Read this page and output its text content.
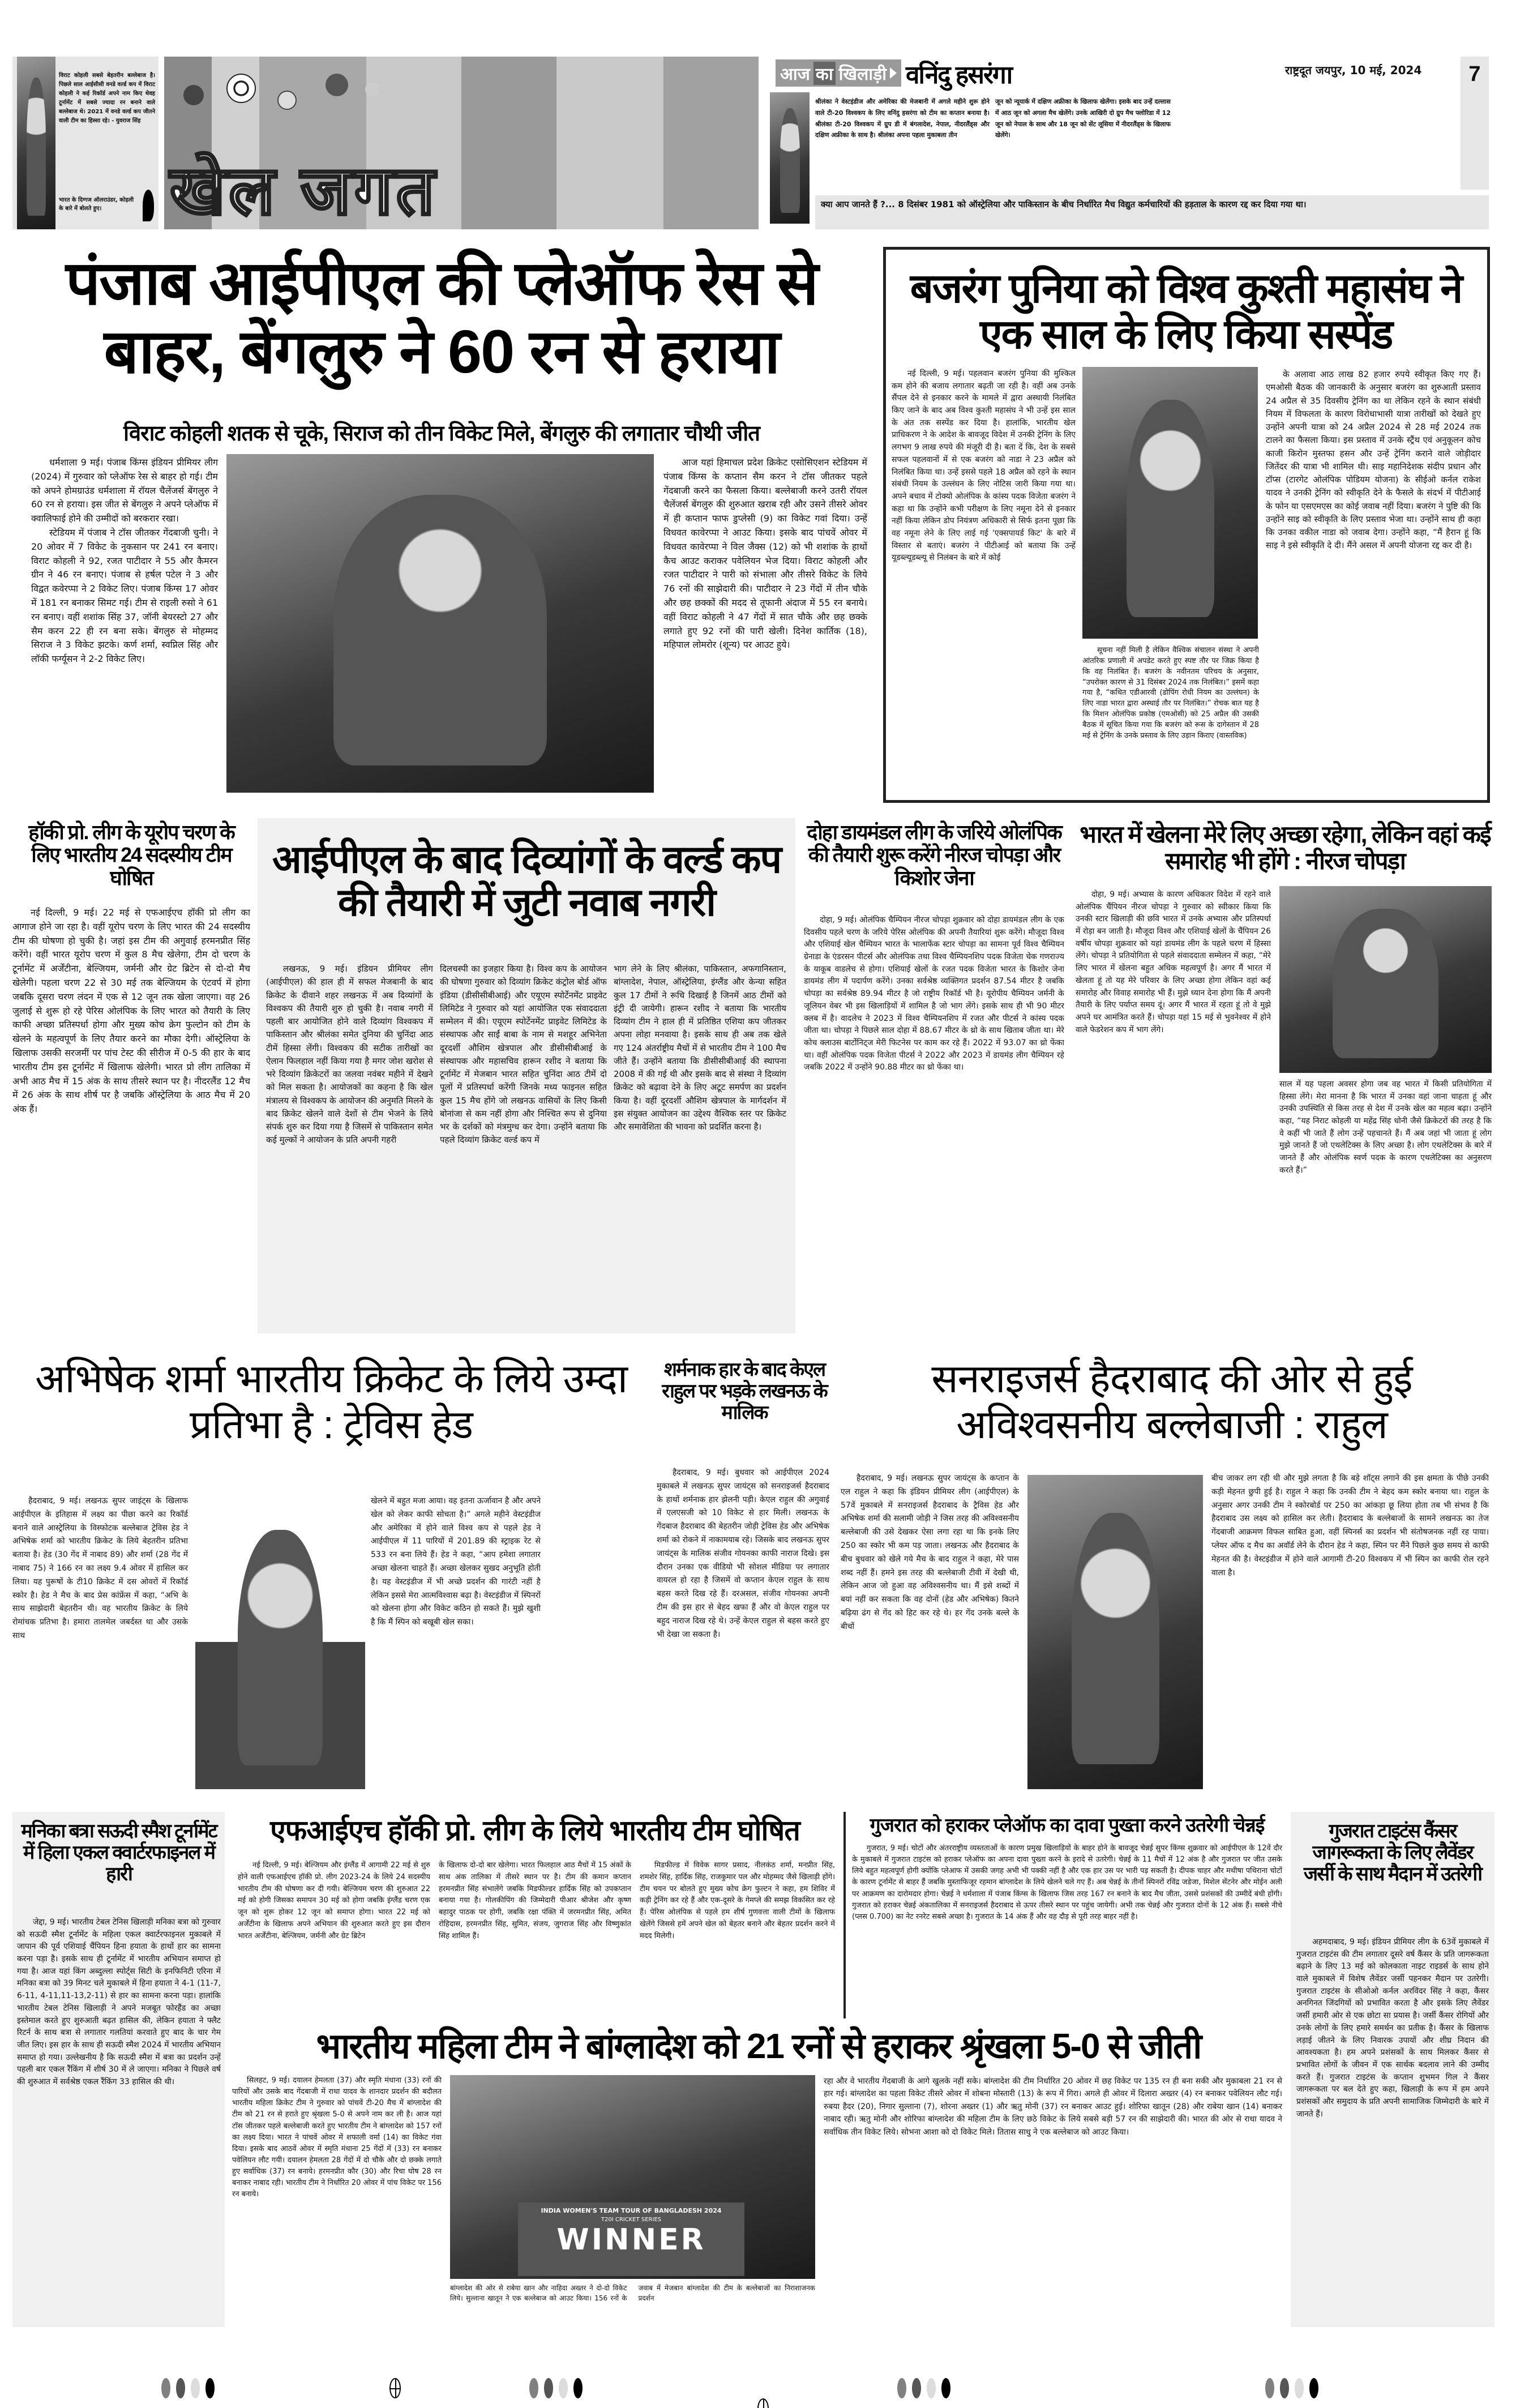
विराट कोहली सबसे बेहतरीन बल्लेबाज है। पिछले साल आईसीसी वनडे वर्ल्ड कप में विराट कोहली ने कई रिकॉर्ड अपने नाम किए थेवह टूर्नामेंट में सबसे ज्यादा रन बनाने वाले बल्लेबाज थे। 2021 में वनडे वर्ल्ड कप जीतने वाली टीम का हिस्सा रहे। - युवराज सिंह
भारत के दिग्गज ऑलराउंडर, कोहली के बारे में बोलते हुए।	खेल जगत
आज का खिलाड़ी वनिंदु हसरंगा
श्रीलंका ने वेस्टइंडीज और अमेरिका की मेजबानी में अगले महीने शुरू होने वाले टी-20 विश्वकप के लिए वनिंदु हसरंगा को टीम का कप्तान बनाया है। श्रीलंका टी-20 विश्वकप में ग्रुप डी में बंगलादेश, नेपाल, नीदरलैंड्स और दक्षिण अफ्रीका के साथ है। श्रीलंका अपना पहला मुकाबला तीन
जून को न्यूयार्क में दक्षिण अफ्रीका के खिलाफ खेलेंगा। इसके बाद उन्हें दल्लास में आठ जून को अगला मैच खेलेंगे। उनके आखिरी दो ग्रुप मैच फ्लोरिडा में 12 जून को नेपाल के साथ और 18 जून को सेंट लूसिया में नीदरलैंड्स के खिलाफ खेलेंगे।
राष्ट्रदूत जयपुर, 10 मई, 2024	7
क्या आप जानते हैं ?... 8 दिसंबर 1981 को ऑस्ट्रेलिया और पाकिस्तान के बीच निर्धारित मैच विद्युत कर्मचारियों की हड़ताल के कारण रद्द कर दिया गया था।
पंजाब आईपीएल की प्लेऑफ रेस से बाहर, बेंगलुरु ने 60 रन से हराया
विराट कोहली शतक से चूके, सिराज को तीन विकेट मिले, बेंगलुरु की लगातार चौथी जीत

धर्मशाला 9 मई। पंजाब किंग्स इंडियन प्रीमियर लीग (2024) में गुरुवार को प्लेऑफ रेस से बाहर हो गई। टीम को अपने होमग्राउंड धर्मशाला में रॉयल चैलेंजर्स बेंगलुरु ने 60 रन से हराया। इस जीत से बेंगलुरु ने अपने प्लेऑफ में क्वालिफाई होने की उम्मीदों को बरकरार रखा।

स्टेडियम में पंजाब ने टॉस जीतकर गेंदबाजी चुनी। ने 20 ओवर में 7 विकेट के नुकसान पर 241 रन बनाए। विराट कोहली ने 92, रजत पाटीदार ने 55 और कैमरन ग्रीन ने 46 रन बनाए। पंजाब से हर्षल पटेल ने 3 और विद्वत कवेरप्पा ने 2 विकेट लिए। पंजाब किंग्स 17 ओवर में 181 रन बनाकर सिमट गई। टीम से राइली रुसो ने 61 रन बनाए। वहीं शशांक सिंह 37, जॉनी बेयरस्टो 27 और सैम करन 22 ही रन बना सके। बेंगलुरु से मोहम्मद सिराज ने 3 विकेट झटके। कर्ण शर्मा, स्वप्निल सिंह और लॉकी फर्ग्यूसन ने 2-2 विकेट लिए।

आज यहां हिमाचल प्रदेश क्रिकेट एसोसिएशन स्टेडियम में पंजाब किंग्स के कप्तान सैम करन ने टॉस जीतकर पहले गेंदबाजी करने का फैसला किया। बल्लेबाजी करने उतरी रॉयल चैलेंजर्स बेंगलुरु की शुरुआत खराब रही और उसने तीसरे ओवर में ही कप्तान फाफ डुप्लेसी (9) का विकेट गवां दिया। उन्हें विधवत कावेरप्पा ने आउट किया। इसके बाद पांचवें ओवर में विधवत कावेरप्पा ने विल जैक्स (12) को भी शशांक के हाथों कैच आउट कराकर पवेलियन भेज दिया। विराट कोहली और रजत पाटीदार ने पारी को संभाला और तीसरे विकेट के लिये 76 रनों की साझेदारी की। पाटीदार ने 23 गेंदों में तीन चौके और छह छक्कों की मदद से तूफानी अंदाज में 55 रन बनाये। वहीं विराट कोहली ने 47 गेंदों में सात चौके और छह छक्के लगाते हुए 92 रनों की पारी खेली। दिनेश कार्तिक (18), महिपाल लोमरोर (शून्य) पर आउट हुये।

बजरंग पुनिया को विश्व कुश्ती महासंघ ने एक साल के लिए किया सस्पेंड

नई दिल्ली, 9 मई। पहलवान बजरंग पुनिया की मुश्किल कम होने की बजाय लगातार बढ़ती जा रही है। वहीं अब उनके सैंपल देने से इनकार करने के मामले में द्वारा अस्थायी निलंबित किए जाने के बाद अब विश्व कुश्ती महासंघ ने भी उन्हें इस साल के अंत तक सस्पेंड कर दिया है। हालांकि, भारतीय खेल प्राधिकरण ने के आदेश के बावजूद विदेश में उनकी ट्रेनिंग के लिए लगभग 9 लाख रुपये की मंजूरी दी है। बता दें कि, देश के सबसे सफल पहलवानों में से एक बजरंग को नाडा ने 23 अप्रैल को निलंबित किया था। उन्हें इससे पहले 18 अप्रैल को रहने के स्थान संबंधी नियम के उल्लंघन के लिए नोटिस जारी किया गया था। अपने बचाव में टोक्यो ओलंपिक के कांस्य पदक विजेता बजरंग ने कहा था कि उन्होंने कभी परीक्षण के लिए नमूना देने से इनकार नहीं किया लेकिन डोप नियंत्रण अधिकारी से सिर्फ इतना पूछा कि वह नमूना लेने के लिए लाई गई 'एक्सपायर्ड किट' के बारे में विस्तार से बताएं। बजरंग ने पीटीआई को बताया कि उन्हें यूडब्ल्यूडब्ल्यू से निलंबन के बारे में कोई

सूचना नहीं मिली है लेकिन वैश्विक संचालन संस्था ने अपनी आंतरिक प्रणाली में अपडेट करते हुए स्पष्ट तौर पर जिक्र किया है कि वह निलंबित हैं। बजरंग के नवीनतम परिचय के अनुसार, “उपरोक्त कारण से 31 दिसंबर 2024 तक निलंबित।” इसमें कहा गया है, “कथित एडीआरवी (डोपिंग रोधी नियम का उल्लंघन) के लिए नाडा भारत द्वारा अस्थाई तौर पर निलंबित।” रोचक बात यह है कि मिशन ओलंपिक प्रकोष्ठ (एमओसी) को 25 अप्रैल की उसकी बैठक में सूचित किया गया कि बजरंग को रूस के दागेस्तान में 28 मई से ट्रेनिंग के उनके प्रस्ताव के लिए उड़ान किराए (वास्तविक)

के अलावा आठ लाख 82 हजार रुपये स्वीकृत किए गए हैं। एमओसी बैठक की जानकारी के अनुसार बजरंग का शुरुआती प्रस्ताव 24 अप्रैल से 35 दिवसीय ट्रेनिंग का था लेकिन रहने के स्थान संबंधी नियम में विफलता के कारण विरोधाभासी यात्रा तारीखों को देखते हुए उन्होंने अपनी यात्रा को 24 अप्रैल 2024 से 28 मई 2024 तक टालने का फैसला किया। इस प्रस्ताव में उनके स्ट्रैंथ एवं अनुकूलन कोच काजी किरोन मुस्तफा हसन और उन्हें ट्रेनिंग कराने वाले जोड़ीदार जितेंदर की यात्रा भी शामिल थी। साइ महानिदेशक संदीप प्रधान और टॉप्स (टारगेट ओलंपिक पोडियम योजना) के सीईओ कर्नल राकेश यादव ने उनकी ट्रेनिंग को स्वीकृति देने के फैसले के संदर्भ में पीटीआई के फोन या एसएमएस का कोई जवाब नहीं दिया। बजरंग ने पुष्टि की कि उन्होंने साइ को स्वीकृति के लिए प्रस्ताव भेजा था। उन्होंने साथ ही कहा कि उनका वकील नाडा को जवाब देगा। उन्होंने कहा, “मैं हैरान हूं कि साइ ने इसे स्वीकृति दे दी। मैंने असल में अपनी योजना रद्द कर दी है।

हॉकी प्रो. लीग के यूरोप चरण के लिए भारतीय 24 सदस्यीय टीम घोषित

नई दिल्ली, 9 मई। 22 मई से एफआईएच हॉकी प्रो लीग का आगाज होने जा रहा है। वहीं यूरोप चरण के लिए भारत की 24 सदस्यीय टीम की घोषणा हो चुकी है। जहां इस टीम की अगुवाई हरमनप्रीत सिंह करेंगे। वहीं भारत यूरोप चरण में कुल 8 मैच खेलेगा, टीम दो चरण के टूर्नामेंट में अर्जेंटीना, बेल्जियम, जर्मनी और ग्रेट ब्रिटेन से दो-दो मैच खेलेगी। पहला चरण 22 से 30 मई तक बेल्जियम के एंटवर्प में होगा जबकि दूसरा चरण लंदन में एक से 12 जून तक खेला जाएगा। वह 26 जुलाई से शुरू हो रहे पेरिस ओलंपिक के लिए भारत को तैयारी के लिए काफी अच्छा प्रतिस्पर्धा होगा और मुख्य कोच क्रेग फुल्टोन को टीम के खेलने के महत्वपूर्ण के लिए तैयार करने का मौका देगी। ऑस्ट्रेलिया के खिलाफ उसकी सरजमीं पर पांच टेस्ट की सीरीज में 0-5 की हार के बाद भारतीय टीम इस टूर्नामेंट में खिलाफ खेलेगी। भारत प्रो लीग तालिका में अभी आठ मैच में 15 अंक के साथ तीसरे स्थान पर है। नीदरलैंड 12 मैच में 26 अंक के साथ शीर्ष पर है जबकि ऑस्ट्रेलिया के आठ मैच में 20 अंक हैं।

आईपीएल के बाद दिव्यांगों के वर्ल्ड कप की तैयारी में जुटी नवाब नगरी

लखनऊ, 9 मई। इंडियन प्रीमियर लीग (आईपीएल) की हाल ही में सफल मेजबानी के बाद क्रिकेट के दीवाने शहर लखनऊ में अब दिव्यांगों के विश्वकप की तैयारी शुरु हो चुकी है। नवाब नगरी में पहली बार आयोजित होने वाले दिव्यांग विश्वकप में पाकिस्तान और श्रीलंका समेत दुनिया की चुनिंदा आठ टीमें हिस्सा लेंगी। विश्वकप की सटीक तारीखों का ऐलान फिलहाल नहीं किया गया है मगर जोश खरोश से भरे दिव्यांग क्रिकेटरों का जलवा नवंबर महीने में देखने को मिल सकता है। आयोजकों का कहना है कि खेल मंत्रालय से विश्वकप के आयोजन की अनुमति मिलने के बाद क्रिकेट खेलने वाले देशों से टीम भेजने के लिये संपर्क शुरु कर दिया गया है जिसमें से पाकिस्तान समेत कई मुल्कों ने आयोजन के प्रति अपनी गहरी

दिलचस्पी का इजहार किया है। विश्व कप के आयोजन की घोषणा गुरुवार को दिव्यांग क्रिकेट कंट्रोल बोर्ड ऑफ इंडिया (डीसीसीबीआई) और एयूएम स्पोर्टेनमेंट प्राइवेट लिमिटेड ने गुरुवार को यहां आयोजित एक संवाददाता सम्मेलन में की। एयूएम स्पोर्टेनमेंट प्राइवेट लिमिटेड के संस्थापक और साईं बाबा के नाम से मशहूर अभिनेता दूरदर्शी औशिम खेत्रपाल और डीसीसीबीआई के संस्थापक और महासचिव हारून रशीद ने बताया कि टूर्नामेंट में मेजबान भारत सहित चुनिंदा आठ टीमें दो पूलों में प्रतिस्पर्धा करेंगी जिनके मध्य फाइनल सहित कुल 15 मैच होंगे जो लखनऊ वासियों के लिए किसी बोनांजा से कम नहीं होगा और निश्चित रूप से दुनिया भर के दर्शकों को मंत्रमुग्ध कर देगा। उन्होंने बताया कि पहले दिव्यांग क्रिकेट वर्ल्ड कप में

भाग लेने के लिए श्रीलंका, पाकिस्तान, अफगानिस्तान, बांग्लादेश, नेपाल, ऑस्ट्रेलिया, इंग्लैंड और केन्या सहित कुल 17 टीमों ने रूचि दिखाई है जिनमें आठ टीमों को इंट्री दी जायेगी। हारून रशीद ने बताया कि भारतीय दिव्यांग टीम ने हाल ही में प्रतिष्ठित एशिया कप जीतकर अपना लोहा मनवाया है। इसके साथ ही अब तक खेले गए 124 अंतर्राष्ट्रीय मैचों में से भारतीय टीम ने 100 मैच जीते हैं। उन्होंने बताया कि डीसीसीबीआई की स्थापना 2008 में की गई थी और इसके बाद से संस्था ने दिव्यांग क्रिकेट को बढ़ावा देने के लिए अटूट समर्पण का प्रदर्शन किया है। वहीं दूरदर्शी औशिम खेत्रपाल के मार्गदर्शन में इस संयुक्त आयोजन का उद्देश्य वैश्विक स्तर पर क्रिकेट और समावेशिता की भावना को प्रदर्शित करना है।

दोहा डायमंडल लीग के जरिये ओलंपिक की तैयारी शुरू करेंगे नीरज चोपड़ा और किशोर जेना

दोहा, 9 मई। ओलंपिक चैम्पियन नीरज चोपड़ा शुक्रवार को दोहा डायमंडल लीग के एक दिवसीय पहले चरण के जरिये पेरिस ओलंपिक की अपनी तैयारियां शुरू करेंगे। मौजूदा विश्व और एशियाई खेल चैम्पियन भारत के भालाफेंक स्टार चोपड़ा का सामना पूर्व विश्व चैम्पियन ग्रेनाडा के एंडरसन पीटर्स और ओलंपिक तथा विश्व चैम्पियनशिप पदक विजेता चेक गणराज्य के याकूब वाडलेच से होगा। एशियाई खेलों के रजत पदक विजेता भारत के किशोर जेना डायमंड लीग में पदार्पण करेंगे। उनका सर्वश्रेष्ठ व्यक्तिगत प्रदर्शन 87.54 मीटर है जबकि चोपड़ा का सर्वश्रेष्ठ 89.94 मीटर है जो राष्ट्रीय रिकॉर्ड भी है। यूरोपीय चैम्पियन जर्मनी के जूलियन वेबर भी इस खिलाड़ियों में शामिल है जो भाग लेंगे। इसके साथ ही भी 90 मीटर क्लब में है। वादलेच ने 2023 में विश्व चैम्पियनशिप में रजत और पीटर्स ने कांस्य पदक जीता था। चोपड़ा ने पिछले साल दोहा में 88.67 मीटर के थ्रो के साथ खिताब जीता था। मेरे कोच क्लाउस बार्टोनिट्ज मेरी फिटनेस पर काम कर रहे हैं। 2022 में 93.07 का थ्रो फेंका था। वहीं ओलंपिक पदक विजेता पीटर्स ने 2022 और 2023 में डायमंड लीग चैम्पियन रहे जबकि 2022 में उन्होंने 90.88 मीटर का थ्रो फेंका था।

भारत में खेलना मेरे लिए अच्छा रहेगा, लेकिन वहां कई समारोह भी होंगे : नीरज चोपड़ा

दोहा, 9 मई। अभ्यास के कारण अधिकतर विदेश में रहने वाले ओलंपिक चैंपियन नीरज चोपड़ा ने गुरुवार को स्वीकार किया कि उनकी स्टार खिलाड़ी की छवि भारत में उनके अभ्यास और प्रतिस्पर्धा में रोड़ा बन जाती है। मौजूदा विश्व और एशियाई खेलों के चैंपियन 26 वर्षीय चोपड़ा शुक्रवार को यहां डायमंड लीग के पहले चरण में हिस्सा लेंगे। चोपड़ा ने प्रतियोगिता से पहले संवाददाता सम्मेलन में कहा, “मेरे लिए भारत में खेलना बहुत अधिक महत्वपूर्ण है। अगर मैं भारत में खेलता हूं तो यह मेरे परिवार के लिए अच्छा होगा लेकिन वहां कई समारोह और विवाह समारोह भी हैं। मुझे ध्यान देना होगा कि मैं अपनी तैयारी के लिए पर्याप्त समय दूं। अगर मैं भारत में रहता हूं तो वे मुझे अपने घर आमंत्रित करते हैं। चोपड़ा यहां 15 मई से भुवनेश्वर में होने वाले फेडरेशन कप में भाग लेंगे।

साल में यह पहला अवसर होगा जब वह भारत में किसी प्रतियोगिता में हिस्सा लेंगे। मेरा मानना है कि भारत में उनका वहां जाना चाहता हूं और उनकी उपस्थिति से किस तरह से देश में उनके खेल का महत्व बढ़ा। उन्होंने कहा, “यह निराट कोहली या महेंद्र सिंह धोनी जैसे क्रिकेटरों की तरह है कि वे कहीं भी जाते हैं लोग उन्हें पहचानते हैं। मैं अब जहां भी जाता हूं लोग मुझे जानते हैं जो एथलेटिक्स के लिए अच्छा है। लोग एथलेटिक्स के बारे में जानते हैं और ओलंपिक स्वर्ण पदक के कारण एथलेटिक्स का अनुसरण करते हैं।”

अभिषेक शर्मा भारतीय क्रिकेट के लिये उम्दा प्रतिभा है : ट्रेविस हेड

हैदराबाद, 9 मई। लखनऊ सुपर जाइंट्स के खिलाफ आईपीएल के इतिहास में लक्ष्य का पीछा करने का रिकॉर्ड बनाने वाले आस्ट्रेलिया के विस्फोटक बल्लेबाज ट्रेविस हेड ने अभिषेक शर्मा को भारतीय क्रिकेट के लिये बेहतरीन प्रतिभा बताया है। हेड (30 गेंद में नाबाद 89) और शर्मा (28 गेंद में नाबाद 75) ने 166 रन का लक्ष्य 9.4 ओवर में हासिल कर लिया। यह पुरूषों के टी10 क्रिकेट में दस ओवरों में रिकॉर्ड स्कोर है। हेड ने मैच के बाद प्रेस कांफ्रेंस में कहा, “अभि के साथ साझेदारी बेहतरीन थी। वह भारतीय क्रिकेट के लिये रोमांचक प्रतिभा है। हमारा तालमेल जबर्दस्त था और उसके साथ

खेलने में बहुत मजा आया। वह इतना ऊर्जावान है और अपने खेल को लेकर काफी सोचता है।” अगले महीने वेस्टइंडीज और अमेरिका में होने वाले विश्व कप से पहले हेड ने आईपीएल में 11 पारियों में 201.89 की स्ट्राइक रेट से 533 रन बना लिये हैं। हेड ने कहा, “आप हमेशा लगातार अच्छा खेलना चाहते हैं। अच्छा खेलकर सुखद अनुभूति होती है। यह वेस्टइंडीज में भी अच्छे प्रदर्शन की गारंटी नहीं है लेकिन इससे मेरा आत्मविश्वास बढ़ा है। वेस्टइंडीज में स्पिनरों को खेलना होगा और विकेट कठिन हो सकते हैं। मुझे खुशी है कि मैं स्पिन को बखूबी खेल सका।

शर्मनाक हार के बाद केएल राहुल पर भड़के लखनऊ के मालिक

हैदराबाद, 9 मई। बुधवार को आईपीएल 2024 मुकाबले में लखनऊ सुपर जायंट्स को सनराइजर्स हैदराबाद के हाथों शर्मनाक हार झेलनी पड़ी। केएल राहुल की अगुवाई में एलएसजी को 10 विकेट से हार मिली। लखनऊ के गेंदबाज हैदराबाद की बेहतरीन जोड़ी ट्रेविस हेड और अभिषेक शर्मा को रोकने में नाकामयाब रहे। जिसके बाद लखनऊ सुपर जायंट्स के मालिक संजीव गोयनका काफी नाराज दिखे। इस दौरान उनका एक वीडियो भी सोशल मीडिया पर लगातार वायरल हो रहा है जिसमें वो कप्तान केएल राहुल के साथ बहस करते दिख रहे हैं। दरअसल, संजीव गोयनका अपनी टीम की इस हार से बेहद खफा हैं और वो केएल राहुल पर बहुद नाराज दिख रहे थे। उन्हें केएल राहुल से बहस करते हुए भी देखा जा सकता है।

सनराइजर्स हैदराबाद की ओर से हुई अविश्वसनीय बल्लेबाजी : राहुल

हैदराबाद, 9 मई। लखनऊ सुपर जायंट्स के कप्तान के एल राहुल ने कहा कि इंडियन प्रीमियर लीग (आईपीएल) के 57वें मुकाबले में सनराइजर्स हैदराबाद के ट्रैविस हेड और अभिषेक शर्मा की सलामी जोड़ी ने जिस तरह की अविश्वसनीय बल्लेबाजी की उसे देखकर ऐसा लगा रहा था कि इनके लिए 250 का स्कोर भी कम पड़ जाता। लखनऊ और हैदराबाद के बीच बुधवार को खेले गये मैच के बाद राहुल ने कहा, मेरे पास शब्द नहीं हैं। हमने इस तरह की बल्लेबाजी टीवी में देखी थी, लेकिन आज जो हुआ वह अविश्वसनीय था। मैं इसे शब्दों में बयां नहीं कर सकता कि वह दोनों (हेड और अभिषेक) कितने बढ़िया ढंग से गेंद को हिट कर रहे थे। हर गेंद उनके बल्ले के बीचों

बीच जाकर लग रही थी और मुझे लगता है कि बड़े शॉट्स लगाने की इस क्षमता के पीछे उनकी कड़ी मेहनत छुपी हुई है। राहुल ने कहा कि उनकी टीम ने बेहद कम स्कोर बनाया था। राहुल के अनुसार अगर उनकी टीम ने स्कोरबोर्ड पर 250 का आंकड़ा छू लिया होता तब भी संभव है कि हैदराबाद उस लक्ष्य को हासिल कर लेती। हैदराबाद के बल्लेबाजों के सामने लखनऊ का तेज गेंदबाजी आक्रमण विफल साबित हुआ, वहीं स्पिनर्स का प्रदर्शन भी संतोषजनक नहीं रह पाया। प्लेयर ऑफ द मैच का अवॉर्ड लेने के दौरान हेड ने कहा, स्पिन पर मैंने पिछले कुछ समय से काफी मेहनत की है। वेस्टइंडीज में होने वाले आगामी टी-20 विश्वकप में भी स्पिन का काफी रोल रहने वाला है।

मनिका बत्रा सऊदी स्मैश टूर्नामेंट में हिला एकल क्वार्टरफाइनल में हारी

जेद्दा, 9 मई। भारतीय टेबल टेनिस खिलाड़ी मनिका बत्रा को गुरुवार को सऊदी स्मैश टूर्नामेंट के महिला एकल क्वार्टरफाइनल मुकाबले में जापान की पूर्व एशियाई चैंपियन हिना हयाता के हाथों हार का सामना करना पड़ा है। इसके साथ ही टूर्नामेंट में भारतीय अभियान समाप्त हो गया है। आज यहां किंग अब्दुल्ला स्पोर्ट्स सिटी के इनफिनिटी एरिना में मनिका बत्रा को 39 मिनट चले मुकाबले में हिना हयाता ने 4-1 (11-7, 6-11, 4-11,11-13,2-11) से हार का सामना करना पड़ा। हालांकि भारतीय टेबल टेनिस खिलाड़ी ने अपने मजबूत फोरहैंड का अच्छा इस्तेमाल करते हुए शुरुआती बढ़त हासिल की, लेकिन हयाता ने फ्लैट रिटर्न के साथ बत्रा से लगातार गलतियां करवाते हुए बाद के चार गेम जीत लिए। इस हार के साथ ही सऊदी स्मैश 2024 में भारतीय अभियान समाप्त हो गया। उल्लेखनीय है कि सऊदी स्मैश में बत्रा का प्रदर्शन उन्हें पहली बार एकल रैंकिंग में शीर्ष 30 में ले जाएगा। मनिका ने पिछले वर्ष की शुरुआत में सर्वश्रेष्ठ एकल रैंकिंग 33 हासिल की थी।

एफआईएच हॉकी प्रो. लीग के लिये भारतीय टीम घोषित

नई दिल्ली, 9 मई। बेल्जियम और इंग्लैंड में आगामी 22 मई से शुरु होने वाली एफआईएच हॉकी प्रो. लीग 2023-24 के लिये 24 सदस्यीय भारतीय टीम की घोषणा कर दी गयी। बेल्जियम चरण की शुरुआत 22 मई को होगी जिसका समापन 30 मई को होगा जबकि इंग्लैंड चरण एक जून को शुरू होकर 12 जून को समाप्त होगा। भारत 22 मई को अर्जेंटीना के खिलाफ अपने अभियान की शुरुआत करते हुए इस दौरान भारत अर्जेंटीना, बेल्जियम, जर्मनी और ग्रेट ब्रिटेन

के खिलाफ दो-दो बार खेलेगा। भारत फिलहाल आठ मैचों में 15 अंकों के साथ अंक तालिका में तीसरे स्थान पर है। टीम की कमान कप्तान हरमनप्रीत सिंह संभालेंगे जबकि मिडफील्डर हार्दिक सिंह को उपकप्तान बनाया गया है। गोलकीपिंग की जिम्मेदारी पीआर श्रीजेश और कृष्ण बहादुर पाठक पर होगी, जबकि रक्षा पंक्ति में जरमनप्रीत सिंह, अमित रोहिदास, हरमनप्रीत सिंह, सुमित, संजय, जुगराज सिंह और विष्णुकांत सिंह शामिल हैं।

मिडफील्ड में विवेक सागर प्रसाद, नीलकंठ शर्मा, मनप्रीत सिंह, शमशेर सिंह, हार्दिक सिंह, राजकुमार पल और मोहम्मद जैसे खिलाड़ी होंगे। टीम चयन पर बोलते हुए मुख्य कोच क्रेग फुल्टन ने कहा, हम शिविर में कड़ी ट्रेनिंग कर रहे हैं और एक-दूसरे के गेमप्ले की समझ विकसित कर रहे हैं। पेरिस ओलंपिक से पहले हम शीर्ष गुणवत्ता वाली टीमों के खिलाफ खेलेंगे जिससे हमें अपने खेल को बेहतर बनाने और बेहतर प्रदर्शन करने में मदद मिलेगी।

गुजरात को हराकर प्लेऑफ का दावा पुख्ता करने उतरेगी चेन्नई

गुजरात, 9 मई। चोटों और अंतरराष्ट्रीय व्यस्तताओं के कारण प्रमुख खिलाड़ियों के बाहर होने के बावजूद चेन्नई सुपर किंग्स शुक्रवार को आईपीएल के 12वें दौर के मुकाबले में गुजरात टाइटंस को हराकर प्लेऑफ का अपना दावा पुख्ता करने के इरादे से उतरेगी। चेन्नई के 11 मैचों में 12 अंक है और गुजरात पर जीत उसके लिये बहुत महत्वपूर्ण होगी क्योंकि प्लेआफ में उसकी जगह अभी भी पक्की नहीं है और एक हार उस पर भारी पड़ सकती है। दीपक चाहर और मथीषा पथिराना चोटों के कारण टूर्नामेंट से बाहर हैं जबकि मुस्ताफिजूर रहमान बांग्लादेश के लिये खेलने चले गए हैं। अब चेन्नई के तीनों स्पिनरों रविंद्र जडेजा, मिशेल सेंटनेर और मोईन अली पर आक्रमण का दारोमदार होगा। चेन्नई ने धर्मशाला में पंजाब किंग्स के खिलाफ जिस तरह 167 रन बनाने के बाद मैच जीता, उससे प्रशंसकों की उम्मीदें बंधी होंगी। गुजरात को हराकर चेन्नई अंकतालिका में सनराइजर्स हैदराबाद से ऊपर तीसरे स्थान पर पहुंच जायेगी। अभी तक चेन्नई और गुजरात दोनों के 12 अंक हैं। सबसे नीचे (प्लस 0.700) का नेट रनरेट सबसे अच्छा है। गुजरात के 14 अंक हैं और वह दौड़ से पूरी तरह बाहर नहीं है।

गुजरात टाइटंस कैंसर जागरूकता के लिए लैवेंडर जर्सी के साथ मैदान में उतरेगी

अहमदाबाद, 9 मई। इंडियन प्रीमियर लीग के 63वें मुकाबले में गुजरात टाइटंस की टीम लगातार दूसरे वर्ष कैंसर के प्रति जागरूकता बढ़ाने के लिए 13 मई को कोलकाता नाइट राइडर्स के साथ होने वाले मुकाबले में विशेष लैवेंडर जर्सी पहनकर मैदान पर उतरेगी। गुजरात टाइटंस के सीओओ कर्नल अरविंदर सिंह ने कहा, कैंसर अनगिनत जिंदगियों को प्रभावित करता है और इसके लिए लैवेंडर जर्सी हमारी ओर से एक छोटा सा प्रयास है। जर्सी कैंसर रोगियों और उनके लोगों के लिए हमारे समर्थन का प्रतीक है। कैंसर के खिलाफ लड़ाई जीतने के लिए निवारक उपायों और शीघ्र निदान की आवश्यकता है। हम अपने प्रशंसकों के साथ मिलकर कैंसर से प्रभावित लोगों के जीवन में एक सार्थक बदलाव लाने की उम्मीद करते हैं। गुजरात टाइटंस के कप्तान शुभमन गिल ने कैंसर जागरूकता पर बल देते हुए कहा, खिलाड़ी के रूप में हम अपने प्रशंसकों और समुदाय के प्रति अपनी सामाजिक जिम्मेदारी के बारे में जानते हैं।

भारतीय महिला टीम ने बांग्लादेश को 21 रनों से हराकर श्रृंखला 5-0 से जीती

सिलहट, 9 मई। दयालन हेमलता (37) और स्मृति मंधाना (33) रनों की पारियों और उसके बाद गेंदबाजी में राधा यादव के शानदार प्रदर्शन की बदौलत भारतीय महिला क्रिकेट टीम ने गुरुवार को पांचवें टी-20 मैच में बांग्लादेश की टीम को 21 रन से हराते हुए श्रृंखला 5-0 से अपने नाम कर ली है। आज यहां टॉस जीतकर पहले बल्लेबाजी करते हुए भारतीय टीम ने बांग्लादेश को 157 रनों का लक्ष्य दिया। भारत ने पांचवें ओवर में शफाली वर्मा (14) का विकेट गंवा दिया। इसके बाद आठवें ओवर में स्मृति मंधाना 25 गेंदों में (33) रन बनाकर पवेलियन लौट गयी। दयालन हेमलता 28 गेंदों में दो चौके और दो छक्के लगाते हुए सर्वाधिक (37) रन बनाये। हरमनप्रीत कौर (30) और रिचा घोष 28 रन बनाकर नाबाद रही। भारतीय टीम ने निर्धारित 20 ओवर में पांच विकेट पर 156 रन बनाये।

INDIA WOMEN'S TEAM TOUR OF BANGLADESH 2024
T20I CRICKET SERIES
WINNER

बांग्लादेश की ओर से राबेया खान और नाहिदा अख्तर ने दो-दो विकेट लिये। सुल्ताना खातून ने एक बल्लेबाज को आउट किया। 156 रनों के जवाब में मेजबान बांग्लादेश की टीम के बल्लेबाजों का निराशाजनक प्रदर्शन

रहा और वे भारतीय गेंदबाजी के आगे खुलके नहीं सके। बांग्लादेश की टीम निर्धारित 20 ओवर में छह विकेट पर 135 रन ही बना सकी और मुकाबला 21 रन से हार गई। बांग्लादेश का पहला विकेट तीसरे ओवर में शोबना मोस्तारी (13) के रूप में गिरा। अगले ही ओवर में दिलारा अख्तर (4) रन बनाकर पवेलियन लौट गई। रुबया हैदर (20), निगार सुल्ताना (7), शोरना अख्तर (1) और ऋतु मोनी (37) रन बनाकर आउट हुई। शोरिफा खातून (28) और राबेया खान (14) बनाकर नाबाद रही। ऋतु मोनी और शोरिफा बांग्लादेश की महिला टीम के लिए छठे विकेट के लिये सबसे बड़ी 57 रन की साझेदारी की। भारत की ओर से राधा यादव ने सर्वाधिक तीन विकेट लिये। सोभना आशा को दो विकेट मिले। तितास साधु ने एक बल्लेबाज को आउट किया।
